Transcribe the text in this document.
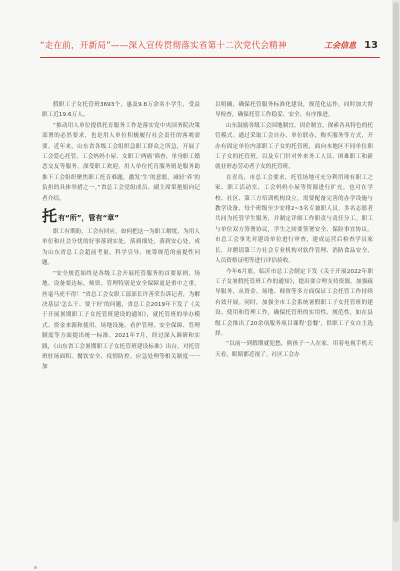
“走在前，开新局”——深入宣传贯彻落实省第十二次党代会精神	工会信息 13

假职工子女托管班3693个，惠及9.8万余名小学生，受益职工近19.6万人。

“推动用人单位提供托育服务工作是落实党中央国务院决策部署的必然要求，也是用人单位积极履行社会责任的客观需要。近年来，山东省各级工会组织急职工群众之所急，开展了工会爱心托管、工会妈妈小屋、女职工‘两癌’筛查、单身职工婚恋交友等服务，深受职工欢迎。用人单位托育服务则是服务助推下工会组织聚焦职工托育难题，激发‘生’的意愿，减轻‘养’的负担的具体举措之一。”省总工会党组成员、副主席渠艳娟向记者介绍。

托 有“所”，管有“章”

职工有期盼，工会有回应。如何把这一为职工解忧、为用人单位和社会分忧的好事落到实处，落到细处，落到安心处，成为山东省总工会超前考量、科学引导、统筹规范的前提性问题。

“安全规范始终是各级工会开展托管服务的首要原则，场地、设备要达标，师资、管理特别是安全保障更是重中之重，丝毫马虎不得！”省总工会女职工部部长许善荣告诉记者，为解决基层‘怎么干、要干好’的问题，省总工会2019年下发了《关于开展暑期职工子女托管班建设的通知》，就托管班的举办模式、资金来源和使用、场地设施、看护管理、安全保障、管理制度等方面提出统一标准。2021年7月，经过深入调研和实践，《山东省工会暑期职工子女托管班建设标准》出台，对托管班驻场面积、餐饮安全、疫情防控、应急处理等相关制度一一加

以明确，确保托管服务标准化建设，规范化运作，同时加大督导检查，确保托管工作稳妥、安全、有序推进。

山东鼓励各级工会因地制宜、因企制宜，探索各具特色的托管模式。通过采取工会自办、单位联办、购买服务等方式，开办有固定单位内部职工子女的托管班，面向本地区不同单位职工子女的托管班，以及专门针对外来务工人员、困难职工和新就业形态劳动者子女的托管班。

在青岛，市总工会要求，托管场地可充分利用现有职工之家、职工活动室、工会妈妈小屋等资源进行扩充，也可在学校、社区、第三方培训机构设立，需要配备完善的办学设施与教学设备，每个班级至少安排2~3名专兼职人员，多名志愿者共同为托管学生服务，并制定详细工作职责与责任分工。职工与单位双方签署协议，学生之间要签署安全、保险事宜协议。市总工会事先对建设单位进行审查，建成运营后检查学员家长，并聘请第三方社会专业机构对软件管理、消防食品安全、人员资格证明等进行评估验收。

今年6月底，临沂市总工会制定下发《关于开展2022年职工子女暑假托管班工作的通知》，提出要合理支持资源，加强疏导服务，从资金、场地、师资等多方面保证工会托管工作持续有效开展。同时，加强全市工会系统暑假职工子女托管班的建设、使用和管理工作，确保托管班的实用性、规范性，如在县级工会推出了20余项服务项目课程‘套餐’，供职工子女自主选择。

“以前一到假期就犯愁，熊孩子一人在家，用着电视手机天天看，眼睛都近视了。社区工会办
